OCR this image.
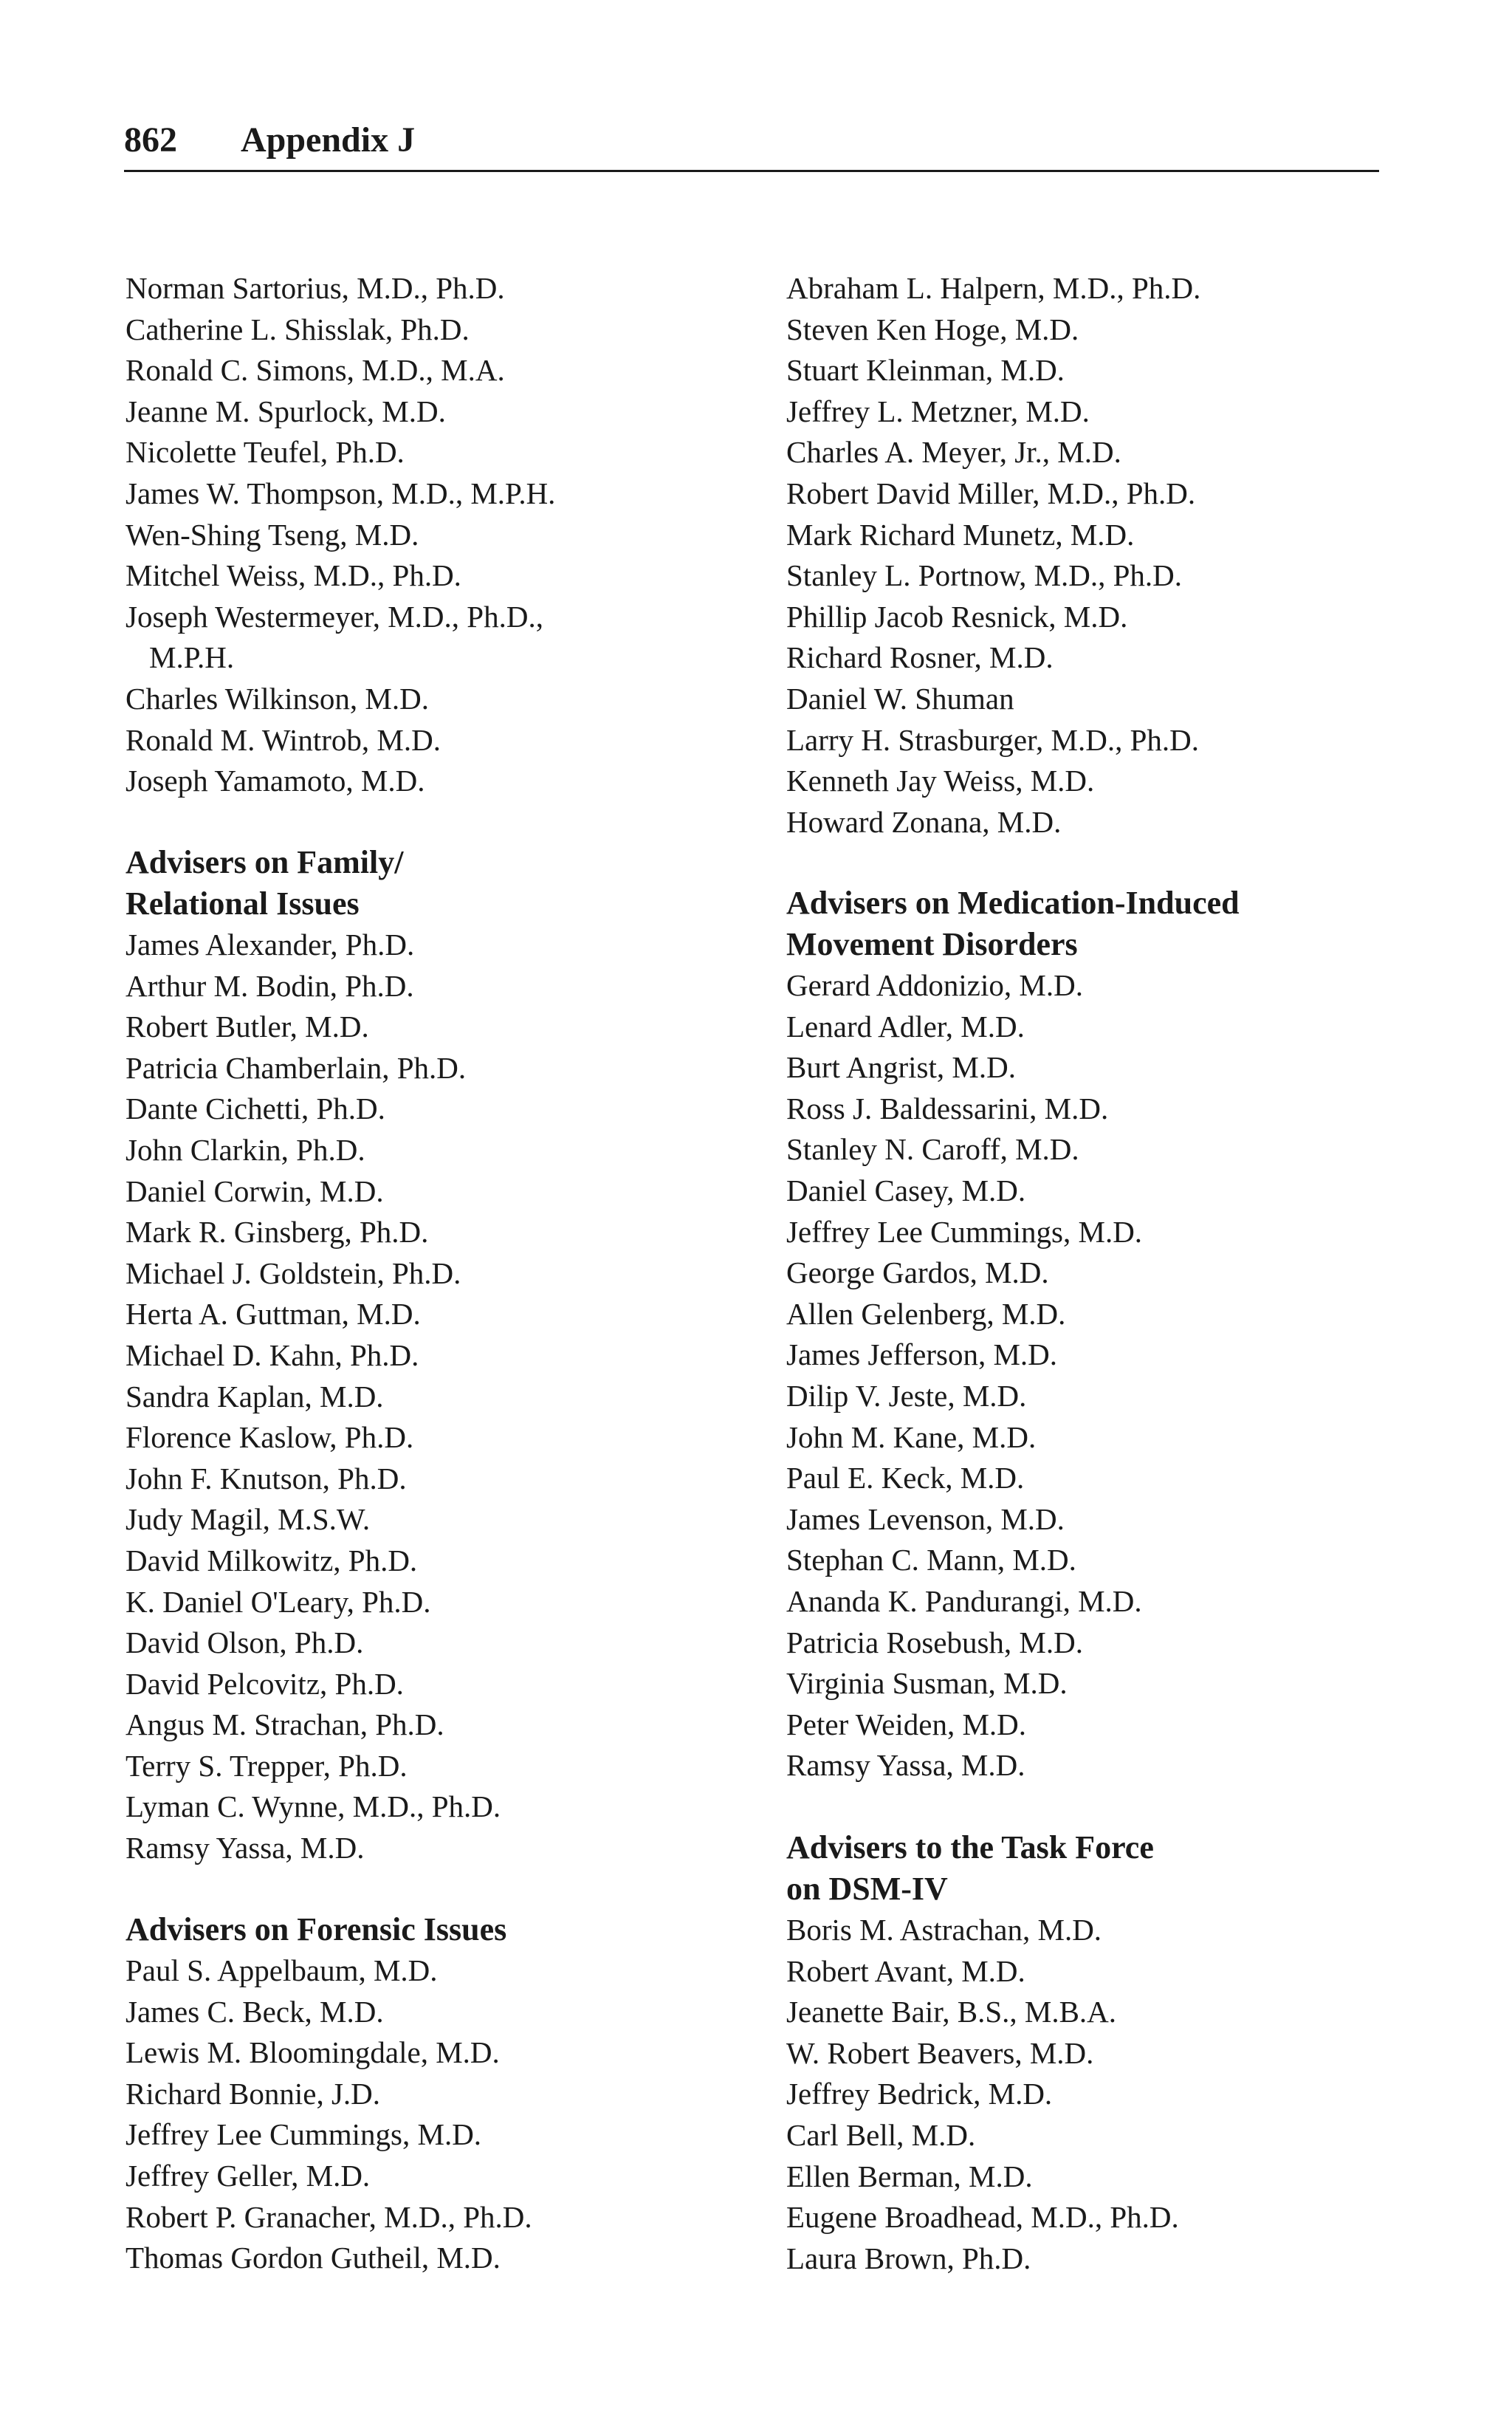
862 Appendix J
Norman Sartorius, M.D., Ph.D.
Catherine L. Shisslak, Ph.D.
Ronald C. Simons, M.D., M.A.
Jeanne M. Spurlock, M.D.
Nicolette Teufel, Ph.D.
James W. Thompson, M.D., M.P.H.
Wen-Shing Tseng, M.D.
Mitchel Weiss, M.D., Ph.D.
Joseph Westermeyer, M.D., Ph.D.,
M.P.H.
Charles Wilkinson, M.D.
Ronald M. Wintrob, M.D.
Joseph Yamamoto, M.D.
Advisers on Family/
Relational Issues
James Alexander, Ph.D.
Arthur M. Bodin, Ph.D.
Robert Butler, M.D.
Patricia Chamberlain, Ph.D.
Dante Cichetti, Ph.D.
John Clarkin, Ph.D.
Daniel Corwin, M.D.
Mark R. Ginsberg, Ph.D.
Michael J. Goldstein, Ph.D.
Herta A. Guttman, M.D.
Michael D. Kahn, Ph.D.
Sandra Kaplan, M.D.
Florence Kaslow, Ph.D.
John F. Knutson, Ph.D.
Judy Magil, M.S.W.
David Milkowitz, Ph.D.
K. Daniel O'Leary, Ph.D.
David Olson, Ph.D.
David Pelcovitz, Ph.D.
Angus M. Strachan, Ph.D.
Terry S. Trepper, Ph.D.
Lyman C. Wynne, M.D., Ph.D.
Ramsy Yassa, M.D.
Advisers on Forensic Issues
Paul S. Appelbaum, M.D.
James C. Beck, M.D.
Lewis M. Bloomingdale, M.D.
Richard Bonnie, J.D.
Jeffrey Lee Cummings, M.D.
Jeffrey Geller, M.D.
Robert P. Granacher, M.D., Ph.D.
Thomas Gordon Gutheil, M.D.
Abraham L. Halpern, M.D., Ph.D.
Steven Ken Hoge, M.D.
Stuart Kleinman, M.D.
Jeffrey L. Metzner, M.D.
Charles A. Meyer, Jr., M.D.
Robert David Miller, M.D., Ph.D.
Mark Richard Munetz, M.D.
Stanley L. Portnow, M.D., Ph.D.
Phillip Jacob Resnick, M.D.
Richard Rosner, M.D.
Daniel W. Shuman
Larry H. Strasburger, M.D., Ph.D.
Kenneth Jay Weiss, M.D.
Howard Zonana, M.D.
Advisers on Medication-Induced
Movement Disorders
Gerard Addonizio, M.D.
Lenard Adler, M.D.
Burt Angrist, M.D.
Ross J. Baldessarini, M.D.
Stanley N. Caroff, M.D.
Daniel Casey, M.D.
Jeffrey Lee Cummings, M.D.
George Gardos, M.D.
Allen Gelenberg, M.D.
James Jefferson, M.D.
Dilip V. Jeste, M.D.
John M. Kane, M.D.
Paul E. Keck, M.D.
James Levenson, M.D.
Stephan C. Mann, M.D.
Ananda K. Pandurangi, M.D.
Patricia Rosebush, M.D.
Virginia Susman, M.D.
Peter Weiden, M.D.
Ramsy Yassa, M.D.
Advisers to the Task Force
on DSM-IV
Boris M. Astrachan, M.D.
Robert Avant, M.D.
Jeanette Bair, B.S., M.B.A.
W. Robert Beavers, M.D.
Jeffrey Bedrick, M.D.
Carl Bell, M.D.
Ellen Berman, M.D.
Eugene Broadhead, M.D., Ph.D.
Laura Brown, Ph.D.
